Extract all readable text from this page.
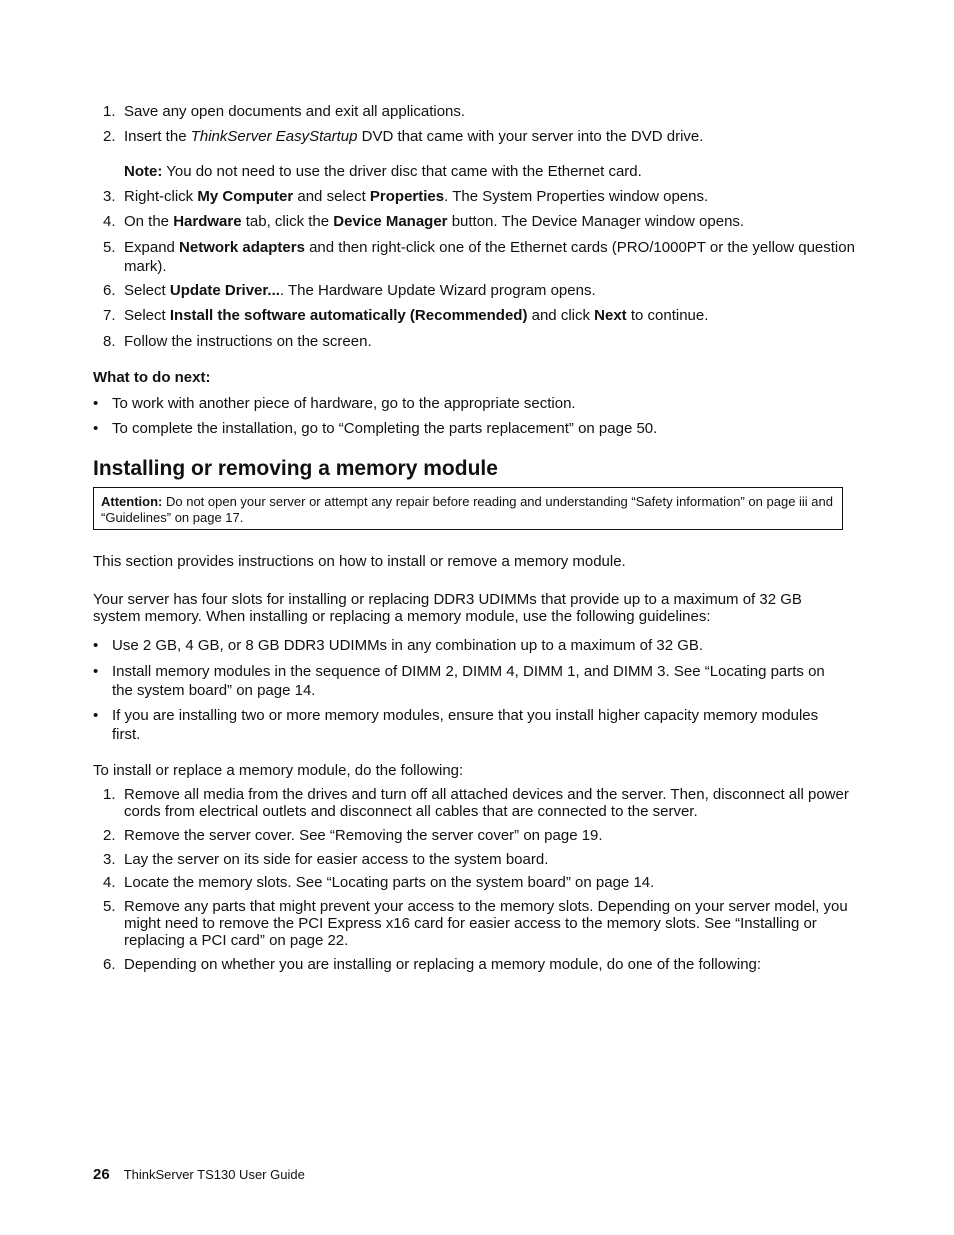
1. Save any open documents and exit all applications.
2. Insert the ThinkServer EasyStartup DVD that came with your server into the DVD drive.
Note: You do not need to use the driver disc that came with the Ethernet card.
3. Right-click My Computer and select Properties. The System Properties window opens.
4. On the Hardware tab, click the Device Manager button. The Device Manager window opens.
5. Expand Network adapters and then right-click one of the Ethernet cards (PRO/1000PT or the yellow question mark).
6. Select Update Driver.... The Hardware Update Wizard program opens.
7. Select Install the software automatically (Recommended) and click Next to continue.
8. Follow the instructions on the screen.
What to do next:
• To work with another piece of hardware, go to the appropriate section.
• To complete the installation, go to “Completing the parts replacement” on page 50.
Installing or removing a memory module
Attention: Do not open your server or attempt any repair before reading and understanding “Safety information” on page iii and “Guidelines” on page 17.
This section provides instructions on how to install or remove a memory module.
Your server has four slots for installing or replacing DDR3 UDIMMs that provide up to a maximum of 32 GB system memory. When installing or replacing a memory module, use the following guidelines:
• Use 2 GB, 4 GB, or 8 GB DDR3 UDIMMs in any combination up to a maximum of 32 GB.
• Install memory modules in the sequence of DIMM 2, DIMM 4, DIMM 1, and DIMM 3. See “Locating parts on the system board” on page 14.
• If you are installing two or more memory modules, ensure that you install higher capacity memory modules first.
To install or replace a memory module, do the following:
1. Remove all media from the drives and turn off all attached devices and the server. Then, disconnect all power cords from electrical outlets and disconnect all cables that are connected to the server.
2. Remove the server cover. See “Removing the server cover” on page 19.
3. Lay the server on its side for easier access to the system board.
4. Locate the memory slots. See “Locating parts on the system board” on page 14.
5. Remove any parts that might prevent your access to the memory slots. Depending on your server model, you might need to remove the PCI Express x16 card for easier access to the memory slots. See “Installing or replacing a PCI card” on page 22.
6. Depending on whether you are installing or replacing a memory module, do one of the following:
26 ThinkServer TS130 User Guide
